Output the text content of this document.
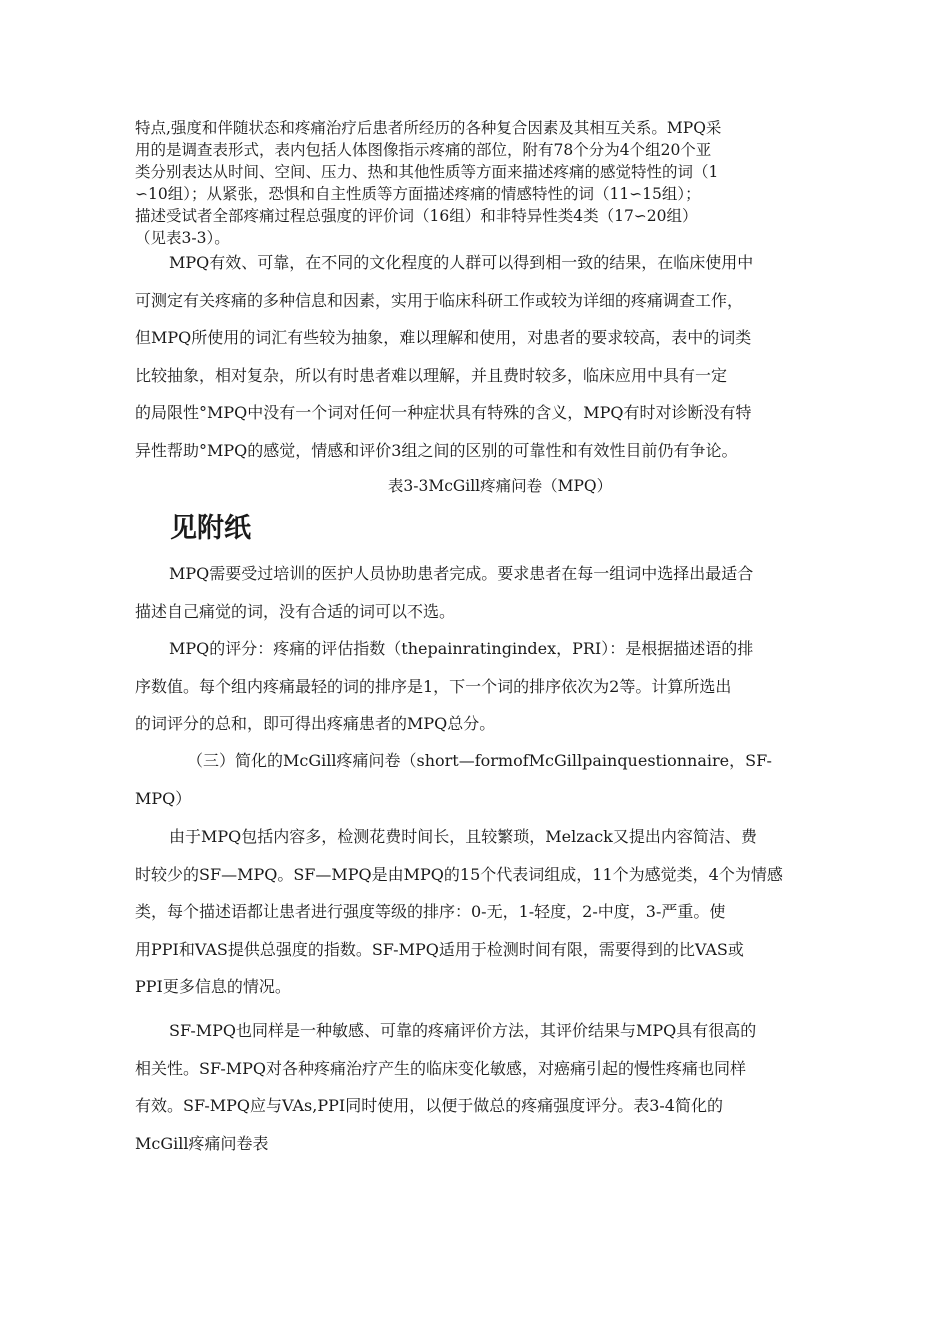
特点,强度和伴随状态和疼痛治疗后患者所经历的各种复合因素及其相互关系。MPQ采
用的是调查表形式，表内包括人体图像指示疼痛的部位，附有78个分为4个组20个亚
类分别表达从时间、空间、压力、热和其他性质等方面来描述疼痛的感觉特性的词（1
∽10组）；从紧张，恐惧和自主性质等方面描述疼痛的情感特性的词（11∽15组）；
描述受试者全部疼痛过程总强度的评价词（16组）和非特异性类4类（17∽20组）
（见表3-3）。
MPQ有效、可靠，在不同的文化程度的人群可以得到相一致的结果，在临床使用中
可测定有关疼痛的多种信息和因素，实用于临床科研工作或较为详细的疼痛调查工作，
但MPQ所使用的词汇有些较为抽象，难以理解和使用，对患者的要求较高，表中的词类
比较抽象，相对复杂，所以有时患者难以理解，并且费时较多，临床应用中具有一定
的局限性°MPQ中没有一个词对任何一种症状具有特殊的含义，MPQ有时对诊断没有特
异性帮助°MPQ的感觉，情感和评价3组之间的区别的可靠性和有效性目前仍有争论。

表3-3McGill疼痛问卷（MPQ）

见附纸
MPQ需要受过培训的医护人员协助患者完成。要求患者在每一组词中选择出最适合
描述自己痛觉的词，没有合适的词可以不选。
MPQ的评分：疼痛的评估指数（thepainratingindex，PRI）：是根据描述语的排
序数值。每个组内疼痛最轻的词的排序是1，下一个词的排序依次为2等。计算所选出
的词评分的总和，即可得出疼痛患者的MPQ总分。
（三）简化的McGill疼痛问卷（short—formofMcGillpainquestionnaire，SF-
MPQ）
由于MPQ包括内容多，检测花费时间长，且较繁琐，Melzack又提出内容简洁、费
时较少的SF—MPQ。SF—MPQ是由MPQ的15个代表词组成，11个为感觉类，4个为情感
类，每个描述语都让患者进行强度等级的排序：0-无，1-轻度，2-中度，3-严重。使
用PPI和VAS提供总强度的指数。SF-MPQ适用于检测时间有限，需要得到的比VAS或
PPI更多信息的情况。
SF-MPQ也同样是一种敏感、可靠的疼痛评价方法，其评价结果与MPQ具有很高的
相关性。SF-MPQ对各种疼痛治疗产生的临床变化敏感，对癌痛引起的慢性疼痛也同样
有效。SF-MPQ应与VAs,PPI同时使用，以便于做总的疼痛强度评分。表3-4简化的
McGill疼痛问卷表
